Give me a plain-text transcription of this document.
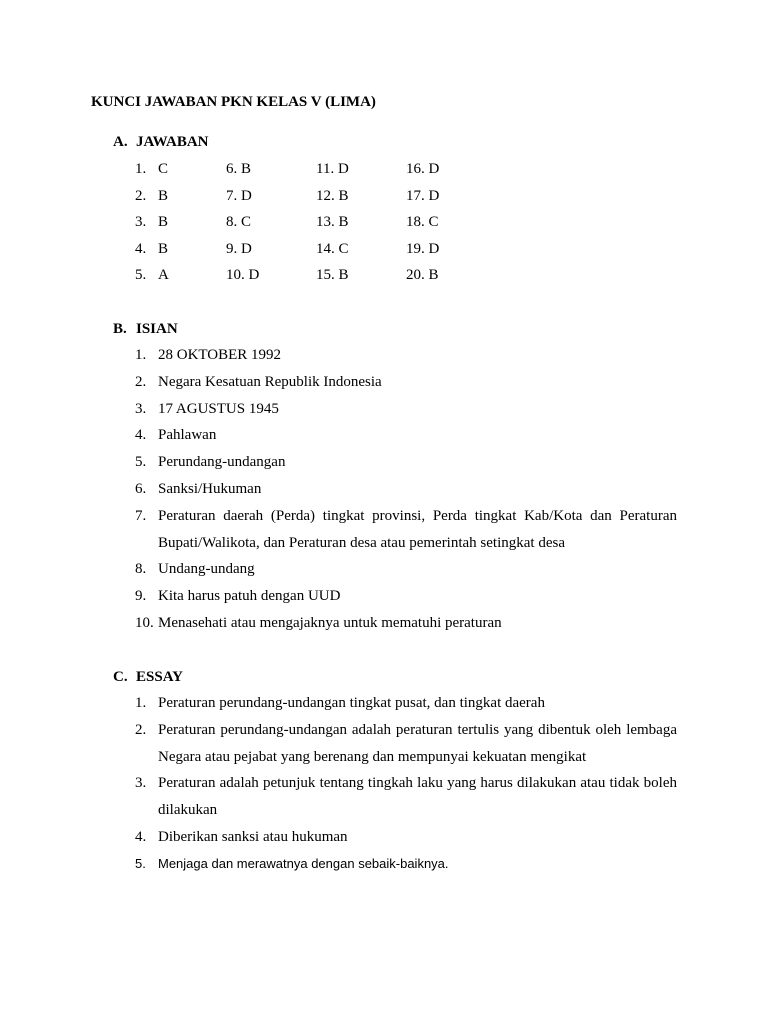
KUNCI JAWABAN PKN KELAS V (LIMA)
A. JAWABAN
1. C	6. B	11. D	16. D
2. B	7. D	12. B	17. D
3. B	8. C	13. B	18. C
4. B	9. D	14. C	19. D
5. A	10. D	15. B	20. B
B. ISIAN
1. 28 OKTOBER 1992
2. Negara Kesatuan Republik Indonesia
3. 17 AGUSTUS 1945
4. Pahlawan
5. Perundang-undangan
6. Sanksi/Hukuman
7. Peraturan daerah (Perda) tingkat provinsi, Perda tingkat Kab/Kota dan Peraturan Bupati/Walikota, dan Peraturan desa atau pemerintah setingkat desa
8. Undang-undang
9. Kita harus patuh dengan UUD
10. Menasehati atau mengajaknya untuk mematuhi peraturan
C. ESSAY
1. Peraturan perundang-undangan tingkat pusat, dan tingkat daerah
2. Peraturan perundang-undangan adalah peraturan tertulis yang dibentuk oleh lembaga Negara atau pejabat yang berenang dan mempunyai kekuatan mengikat
3. Peraturan adalah petunjuk tentang tingkah laku yang harus dilakukan atau tidak boleh dilakukan
4. Diberikan sanksi atau hukuman
5. Menjaga dan merawatnya dengan sebaik-baiknya.
